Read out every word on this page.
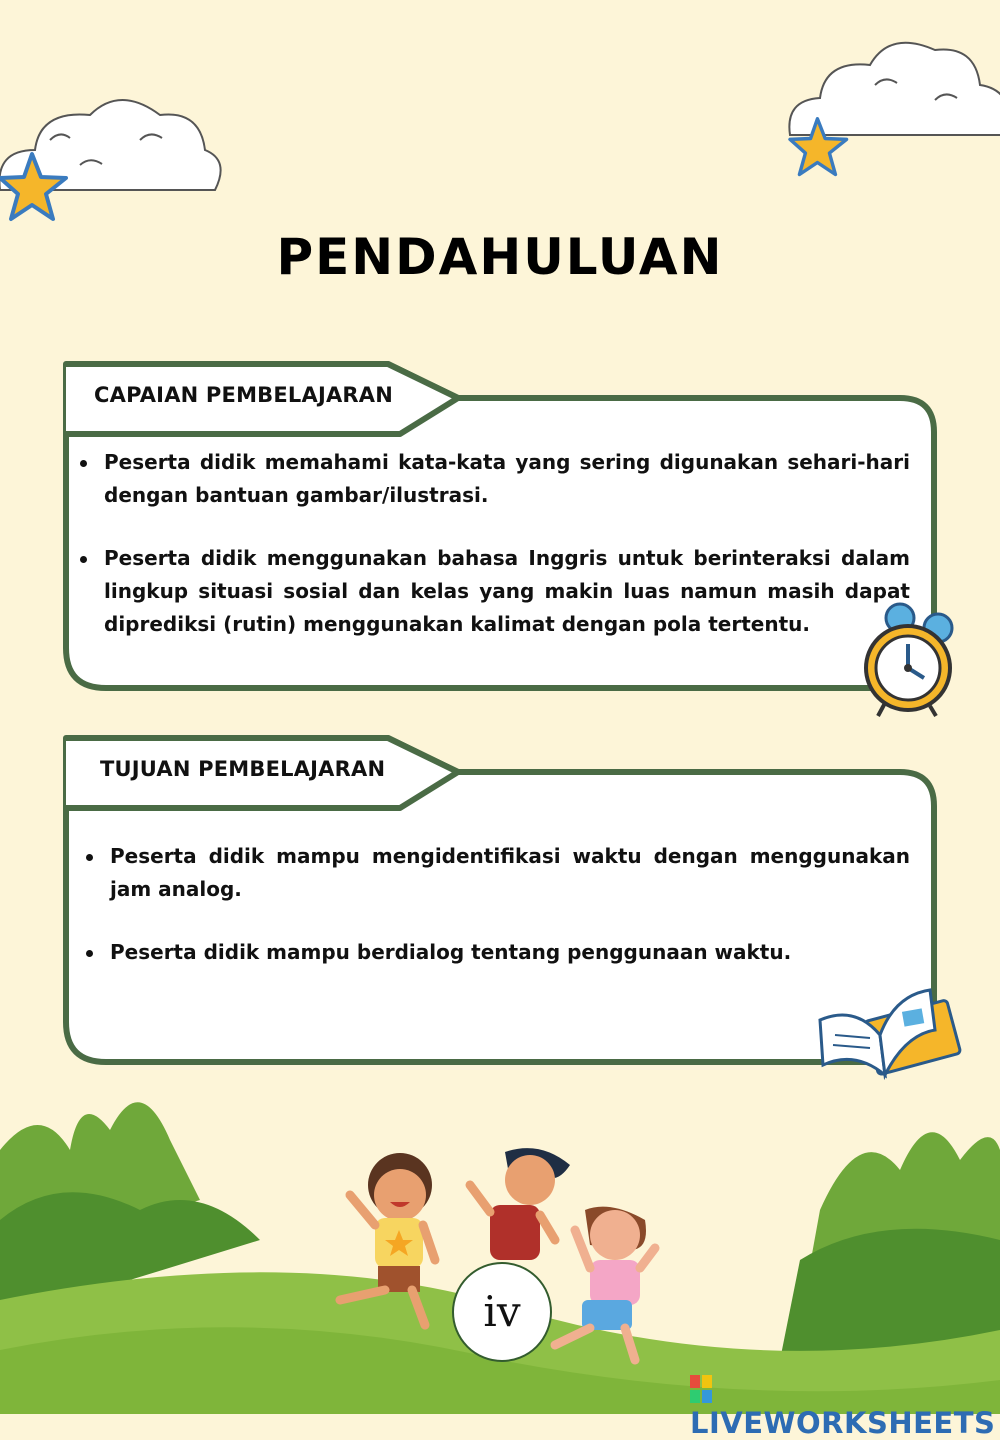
PENDAHULUAN
CAPAIAN PEMBELAJARAN
Peserta didik memahami kata-kata yang sering digunakan sehari-hari dengan bantuan gambar/ilustrasi.
Peserta didik menggunakan bahasa Inggris untuk berinteraksi dalam lingkup situasi sosial dan kelas yang makin luas namun masih dapat diprediksi (rutin) menggunakan kalimat dengan pola tertentu.
TUJUAN PEMBELAJARAN
Peserta didik mampu mengidentifikasi waktu dengan menggunakan jam analog.
Peserta didik mampu berdialog tentang penggunaan waktu.
iv
LIVEWORKSHEETS
